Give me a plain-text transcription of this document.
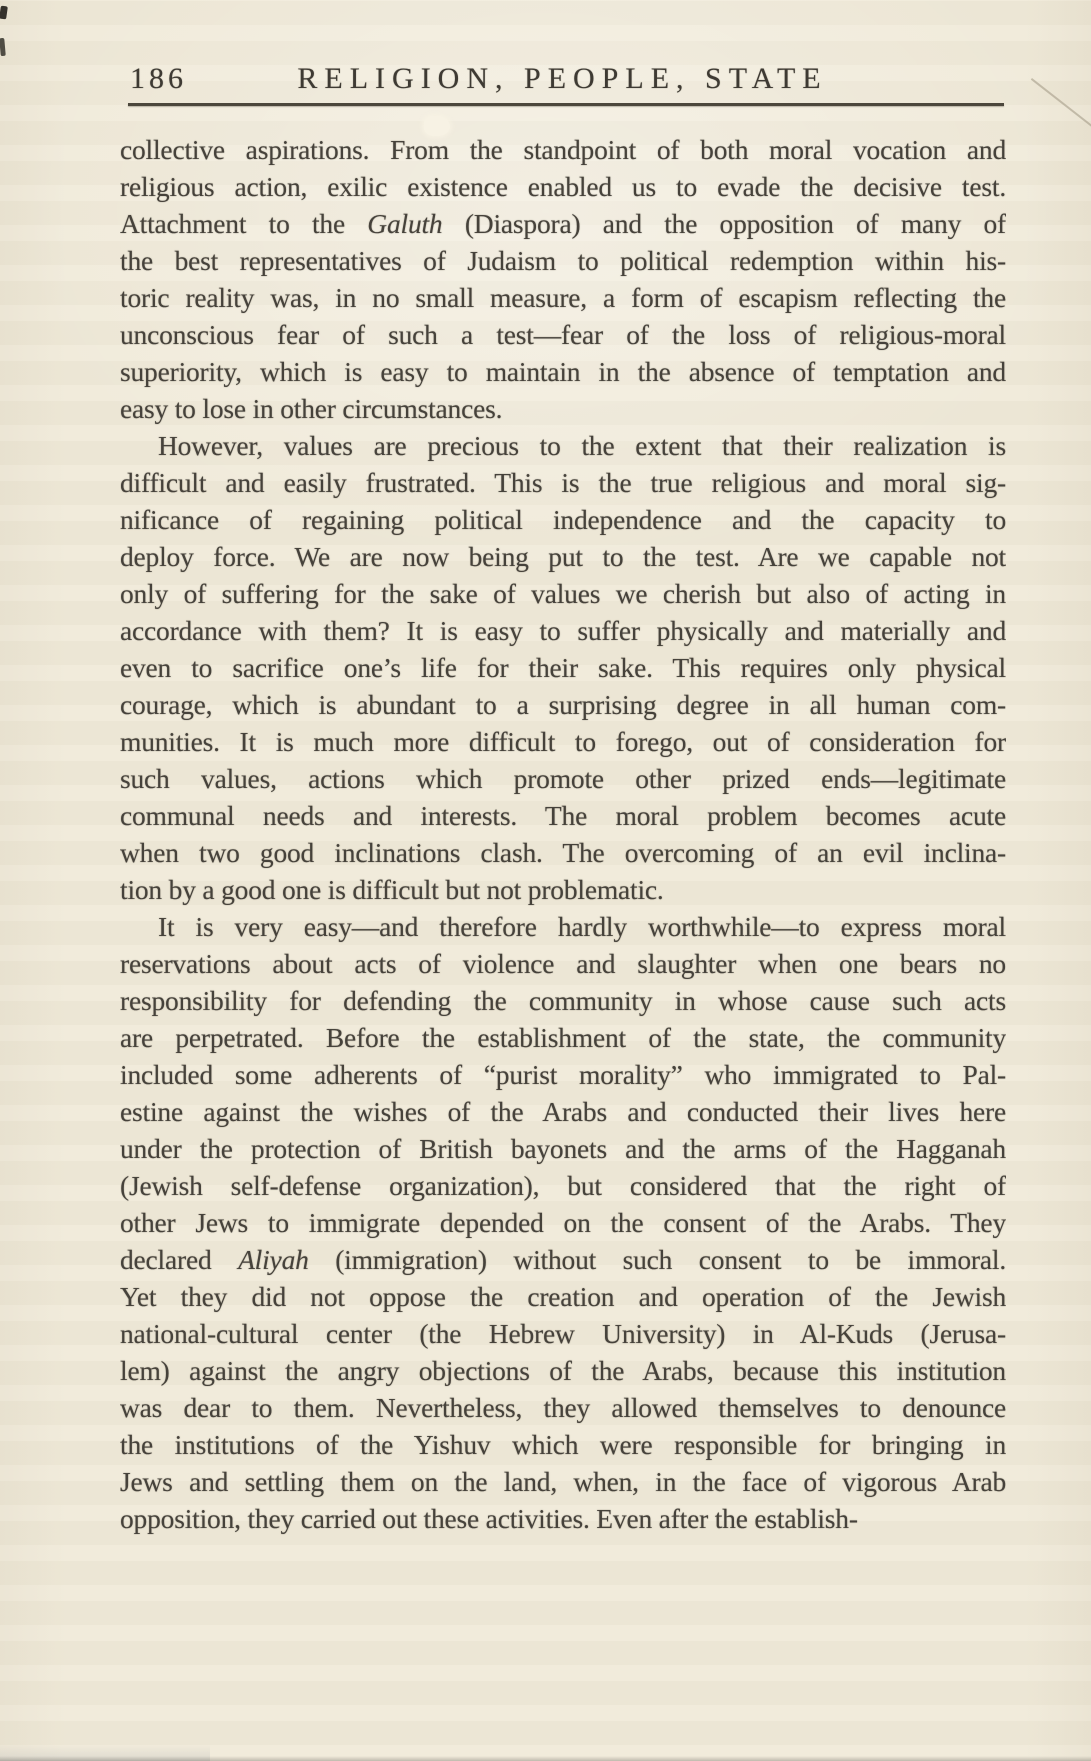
186	RELIGION, PEOPLE, STATE
collective aspirations. From the standpoint of both moral vocation and
religious action, exilic existence enabled us to evade the decisive test.
Attachment to the Galuth (Diaspora) and the opposition of many of
the best representatives of Judaism to political redemption within his-
toric reality was, in no small measure, a form of escapism reflecting the
unconscious fear of such a test—fear of the loss of religious-moral
superiority, which is easy to maintain in the absence of temptation and
easy to lose in other circumstances.
However, values are precious to the extent that their realization is
difficult and easily frustrated. This is the true religious and moral sig-
nificance of regaining political independence and the capacity to
deploy force. We are now being put to the test. Are we capable not
only of suffering for the sake of values we cherish but also of acting in
accordance with them? It is easy to suffer physically and materially and
even to sacrifice one’s life for their sake. This requires only physical
courage, which is abundant to a surprising degree in all human com-
munities. It is much more difficult to forego, out of consideration for
such values, actions which promote other prized ends—legitimate
communal needs and interests. The moral problem becomes acute
when two good inclinations clash. The overcoming of an evil inclina-
tion by a good one is difficult but not problematic.
It is very easy—and therefore hardly worthwhile—to express moral
reservations about acts of violence and slaughter when one bears no
responsibility for defending the community in whose cause such acts
are perpetrated. Before the establishment of the state, the community
included some adherents of “purist morality” who immigrated to Pal-
estine against the wishes of the Arabs and conducted their lives here
under the protection of British bayonets and the arms of the Hagganah
(Jewish self-defense organization), but considered that the right of
other Jews to immigrate depended on the consent of the Arabs. They
declared Aliyah (immigration) without such consent to be immoral.
Yet they did not oppose the creation and operation of the Jewish
national-cultural center (the Hebrew University) in Al-Kuds (Jerusa-
lem) against the angry objections of the Arabs, because this institution
was dear to them. Nevertheless, they allowed themselves to denounce
the institutions of the Yishuv which were responsible for bringing in
Jews and settling them on the land, when, in the face of vigorous Arab
opposition, they carried out these activities. Even after the establish-
